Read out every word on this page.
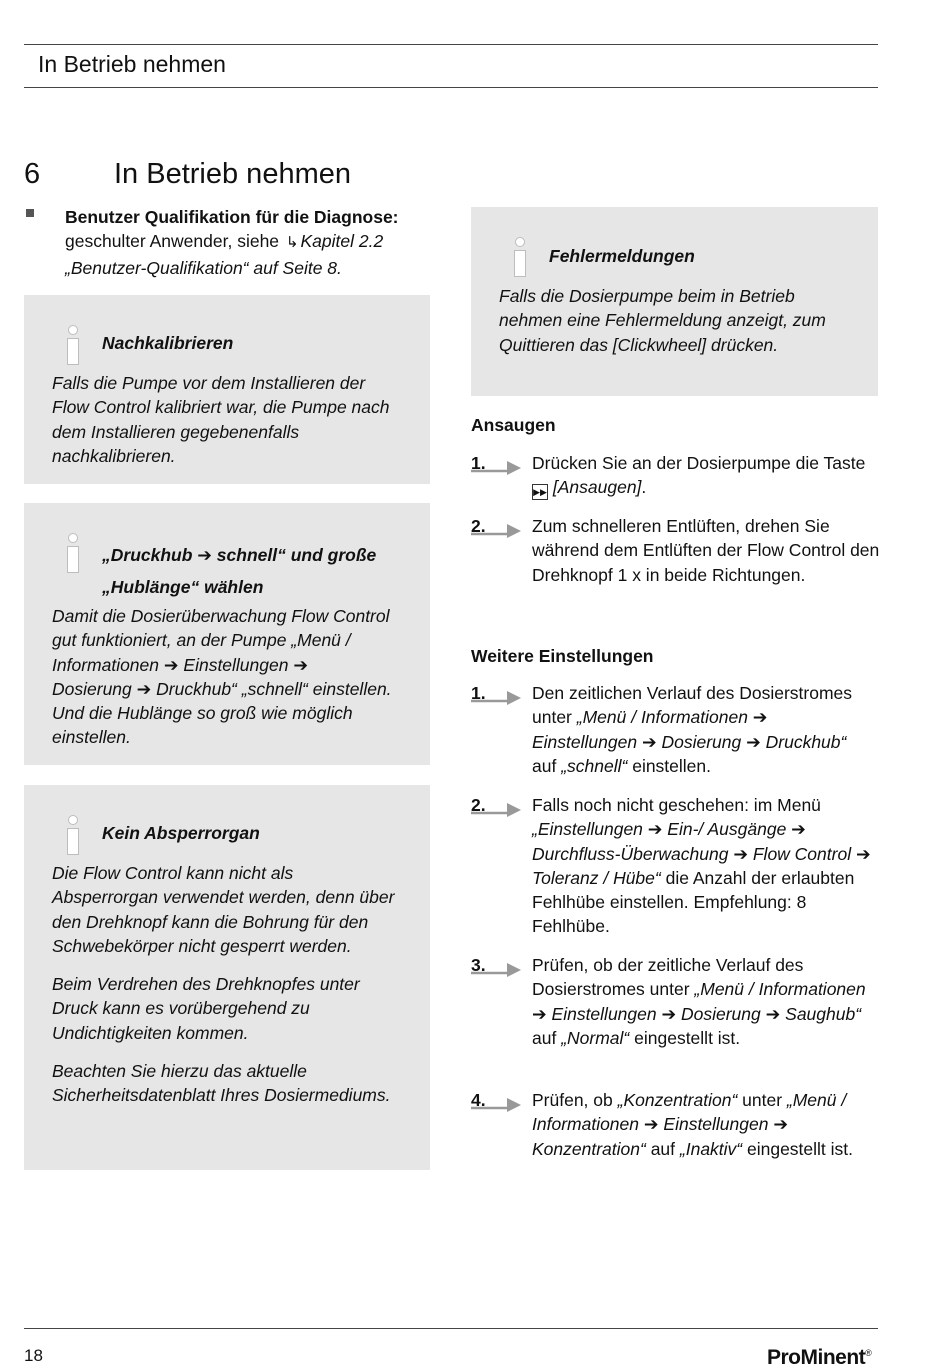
In Betrieb nehmen
6	In Betrieb nehmen
Benutzer Qualifikation für die Diagnose:
geschulter Anwender, siehe ↳ Kapitel 2.2 „Benutzer-Qualifikation“ auf Seite 8.
Nachkalibrieren

Falls die Pumpe vor dem Installieren der Flow Control kalibriert war, die Pumpe nach dem Installieren gegebenenfalls nachkalibrieren.

„Druckhub ➔ schnell“ und große „Hublänge“ wählen

Damit die Dosierüberwachung Flow Control gut funktioniert, an der Pumpe „Menü / Informationen ➔ Einstellungen ➔ Dosierung ➔ Druckhub“ „schnell“ einstellen. Und die Hublänge so groß wie möglich einstellen.

Kein Absperrorgan

Die Flow Control kann nicht als Absperrorgan verwendet werden, denn über den Drehknopf kann die Bohrung für den Schwebekörper nicht gesperrt werden.

Beim Verdrehen des Drehknopfes unter Druck kann es vorübergehend zu Undichtigkeiten kommen.

Beachten Sie hierzu das aktuelle Sicherheitsdatenblatt Ihres Dosiermediums.

Fehlermeldungen

Falls die Dosierpumpe beim in Betrieb nehmen eine Fehlermeldung anzeigt, zum Quittieren das [Clickwheel] drücken.

Ansaugen
1.	Drücken Sie an der Dosierpumpe die Taste ▶▶ [Ansaugen].
2.	Zum schnelleren Entlüften, drehen Sie während dem Entlüften der Flow Control den Drehknopf 1 x in beide Richtungen.
Weitere Einstellungen
1.	Den zeitlichen Verlauf des Dosierstromes unter „Menü / Informationen ➔ Einstellungen ➔ Dosierung ➔ Druckhub“ auf „schnell“ einstellen.
2.	Falls noch nicht geschehen: im Menü „Einstellungen ➔ Ein-/ Ausgänge ➔ Durchfluss-Überwachung ➔ Flow Control ➔ Toleranz / Hübe“ die Anzahl der erlaubten Fehlhübe einstellen. Empfehlung: 8 Fehlhübe.
3.	Prüfen, ob der zeitliche Verlauf des Dosierstromes unter „Menü / Informationen ➔ Einstellungen ➔ Dosierung ➔ Saughub“ auf „Normal“ eingestellt ist.
4.	Prüfen, ob „Konzentration“ unter „Menü / Informationen ➔ Einstellungen ➔ Konzentration“ auf „Inaktiv“ eingestellt ist.
18	ProMinent®
